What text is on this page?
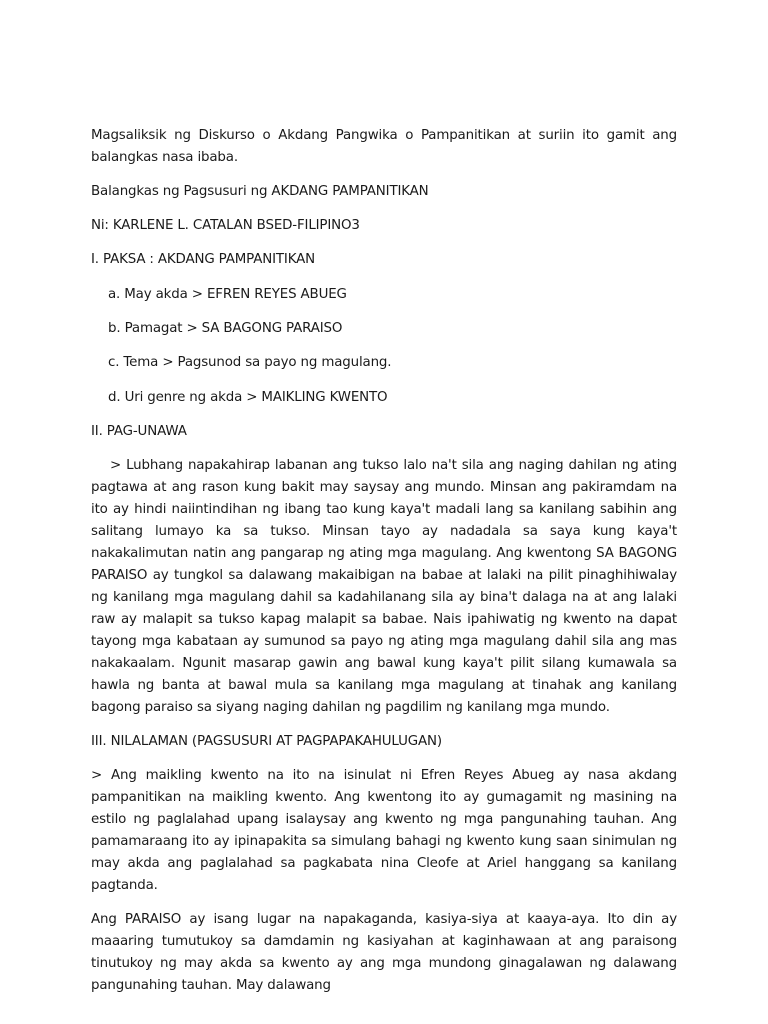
Magsaliksik ng Diskurso o Akdang Pangwika o Pampanitikan at suriin ito gamit ang balangkas nasa ibaba.

Balangkas ng Pagsusuri ng AKDANG PAMPANITIKAN

Ni: KARLENE L. CATALAN BSED-FILIPINO3

I. PAKSA : AKDANG PAMPANITIKAN

a. May akda > EFREN REYES ABUEG

b. Pamagat > SA BAGONG PARAISO

c. Tema > Pagsunod sa payo ng magulang.

d. Uri genre ng akda > MAIKLING KWENTO

II. PAG-UNAWA

> Lubhang napakahirap labanan ang tukso lalo na't sila ang naging dahilan ng ating pagtawa at ang rason kung bakit may saysay ang mundo. Minsan ang pakiramdam na ito ay hindi naiintindihan ng ibang tao kung kaya't madali lang sa kanilang sabihin ang salitang lumayo ka sa tukso. Minsan tayo ay nadadala sa saya kung kaya't nakakalimutan natin ang pangarap ng ating mga magulang. Ang kwentong SA BAGONG PARAISO ay tungkol sa dalawang makaibigan na babae at lalaki na pilit pinaghihiwalay ng kanilang mga magulang dahil sa kadahilanang sila ay bina't dalaga na at ang lalaki raw ay malapit sa tukso kapag malapit sa babae. Nais ipahiwatig ng kwento na dapat tayong mga kabataan ay sumunod sa payo ng ating mga magulang dahil sila ang mas nakakaalam. Ngunit masarap gawin ang bawal kung kaya't pilit silang kumawala sa hawla ng banta at bawal mula sa kanilang mga magulang at tinahak ang kanilang bagong paraiso sa siyang naging dahilan ng pagdilim ng kanilang mga mundo.

III. NILALAMAN (PAGSUSURI AT PAGPAPAKAHULUGAN)

> Ang maikling kwento na ito na isinulat ni Efren Reyes Abueg ay nasa akdang pampanitikan na maikling kwento. Ang kwentong ito ay gumagamit ng masining na estilo ng paglalahad upang isalaysay ang kwento ng mga pangunahing tauhan. Ang pamamaraang ito ay ipinapakita sa simulang bahagi ng kwento kung saan sinimulan ng may akda ang paglalahad sa pagkabata nina Cleofe at Ariel hanggang sa kanilang pagtanda.

Ang PARAISO ay isang lugar na napakaganda, kasiya-siya at kaaya-aya. Ito din ay maaaring tumutukoy sa damdamin ng kasiyahan at kaginhawaan at ang paraisong tinutukoy ng may akda sa kwento ay ang mga mundong ginagalawan ng dalawang pangunahing tauhan. May dalawang
